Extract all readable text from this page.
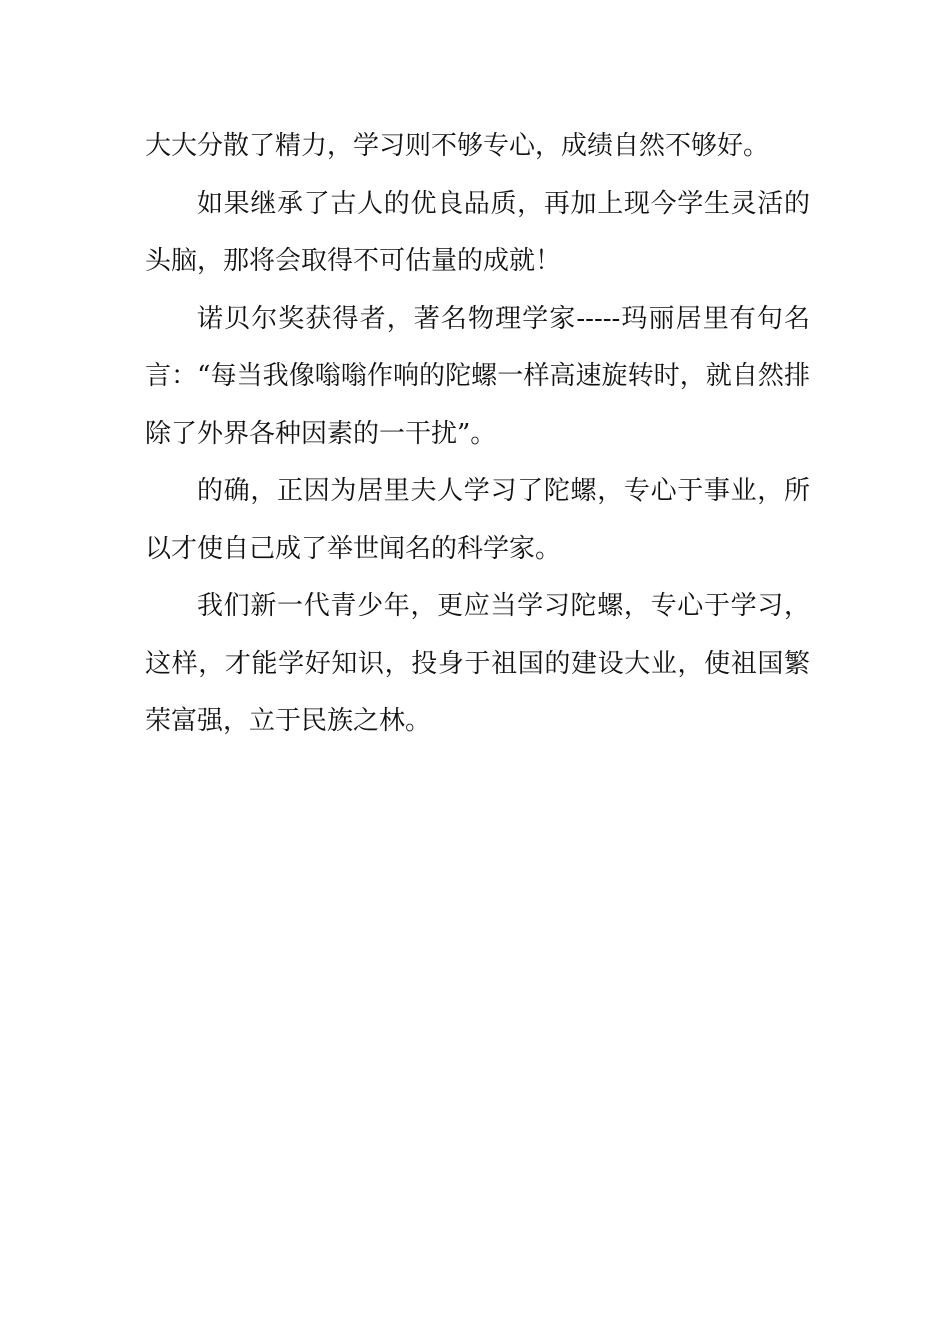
大大分散了精力，学习则不够专心，成绩自然不够好。

如果继承了古人的优良品质，再加上现今学生灵活的头脑，那将会取得不可估量的成就！

诺贝尔奖获得者，著名物理学家-----玛丽居里有句名言：“每当我像嗡嗡作响的陀螺一样高速旋转时，就自然排除了外界各种因素的一干扰”。

的确，正因为居里夫人学习了陀螺，专心于事业，所以才使自己成了举世闻名的科学家。

我们新一代青少年，更应当学习陀螺，专心于学习，这样，才能学好知识，投身于祖国的建设大业，使祖国繁荣富强，立于民族之林。
